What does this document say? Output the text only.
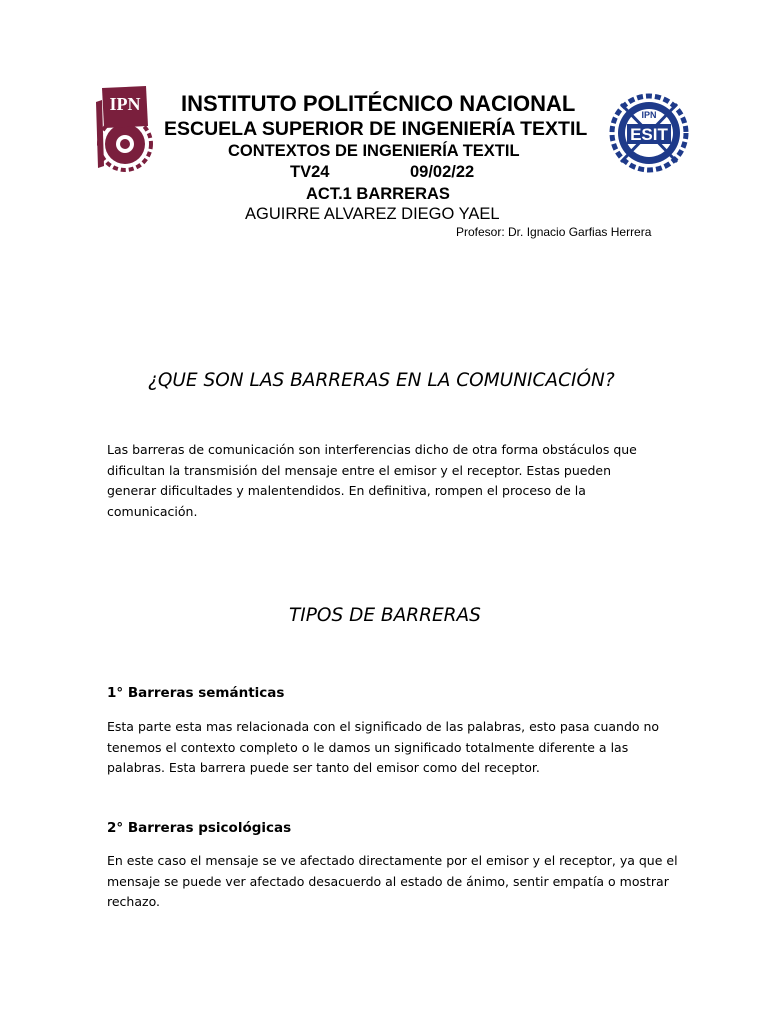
IPN
IPN
ESIT
INSTITUTO POLITÉCNICO NACIONAL
ESCUELA SUPERIOR DE INGENIERÍA TEXTIL
CONTEXTOS DE INGENIERÍA TEXTIL
TV24	09/02/22
ACT.1 BARRERAS
AGUIRRE ALVAREZ DIEGO YAEL
Profesor: Dr. Ignacio Garfias Herrera
¿QUE SON LAS BARRERAS EN LA COMUNICACIÓN?
Las barreras de comunicación son interferencias dicho de otra forma obstáculos que
dificultan la transmisión del mensaje entre el emisor y el receptor. Estas pueden
generar dificultades y malentendidos. En definitiva, rompen el proceso de la
comunicación.
TIPOS DE BARRERAS
1° Barreras semánticas
Esta parte esta mas relacionada con el significado de las palabras, esto pasa cuando no
tenemos el contexto completo o le damos un significado totalmente diferente a las
palabras. Esta barrera puede ser tanto del emisor como del receptor.
2° Barreras psicológicas
En este caso el mensaje se ve afectado directamente por el emisor y el receptor, ya que el
mensaje se puede ver afectado desacuerdo al estado de ánimo, sentir empatía o mostrar
rechazo.
